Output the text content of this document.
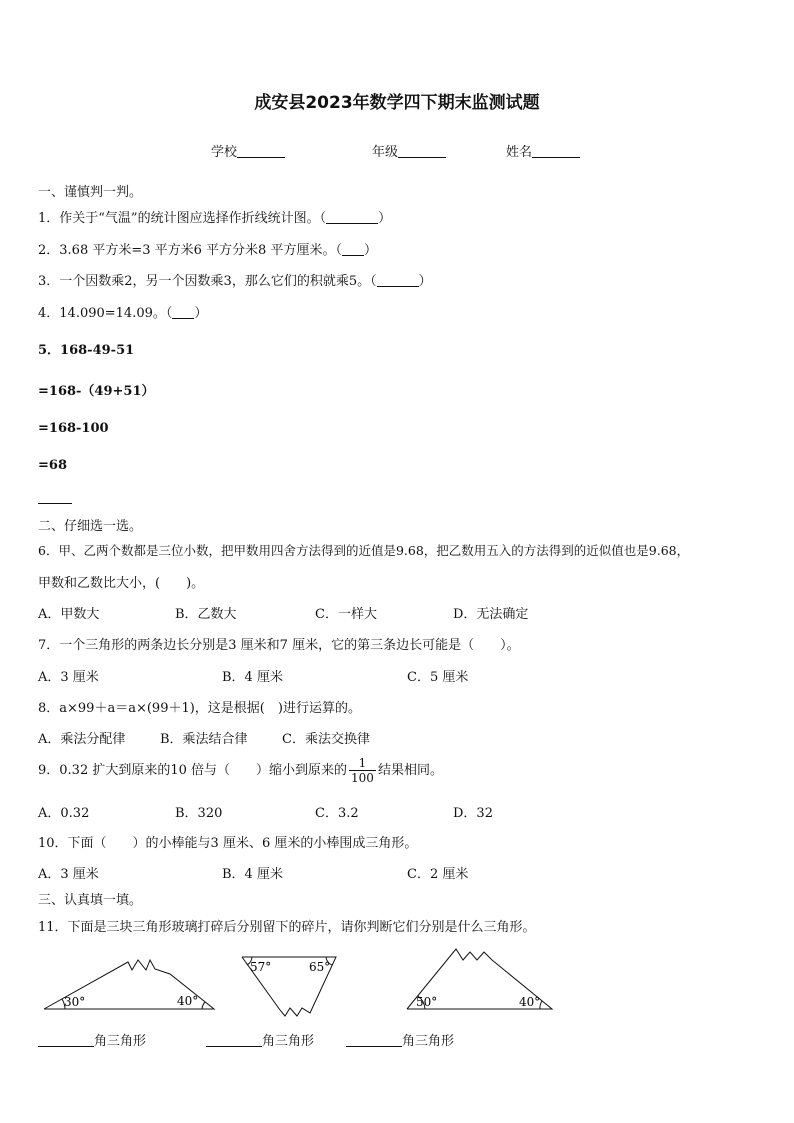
成安县2023年数学四下期末监测试题
学校	年级	姓名
一、谨慎判一判。
1．作关于“气温”的统计图应选择作折线统计图。（	）
2．3.68 平方米=3 平方米6 平方分米8 平方厘米。（ ）
3．一个因数乘2，另一个因数乘3，那么它们的积就乘5。（	）
4．14.090=14.09。（ ）
5．168-49-51
=168-（49+51）
=168-100
=68
二、仔细选一选。
6．甲、乙两个数都是三位小数，把甲数用四舍方法得到的近值是9.68，把乙数用五入的方法得到的近似值也是9.68，
甲数和乙数比大小，(　　)。
A．甲数大	B．乙数大	C．一样大	D．无法确定
7．一个三角形的两条边长分别是3 厘米和7 厘米，它的第三条边长可能是（　　）。
A．3 厘米	B．4 厘米	C．5 厘米
8．a×99＋a＝a×(99＋1)，这是根据(　)进行运算的。
A．乘法分配律	B．乘法结合律	C．乘法交换律
9．0.32 扩大到原来的10 倍与（　　）缩小到原来的 $\frac{1}{100}$ 结果相同。
A．0.32	B．320	C．3.2	D．32
10．下面（　　）的小棒能与3 厘米、6 厘米的小棒围成三角形。
A．3 厘米	B．4 厘米	C．2 厘米
三、认真填一填。
11．下面是三块三角形玻璃打碎后分别留下的碎片，请你判断它们分别是什么三角形。
30°	40°
57°	65°
50°	40°
角三角形	角三角形	角三角形
